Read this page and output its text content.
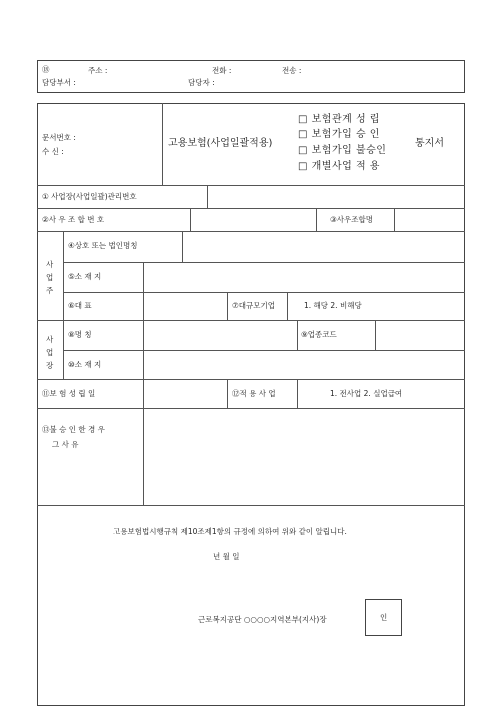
⑱	주소 :	전화 :	전송 :
담당부서 :	담당자 :
문서번호 :
수 신 :
고용보험(사업일괄적용)
□ 보험관계 성 립
□ 보험가입 승 인
□ 보험가입 불승인
□ 개별사업 적 용
통지서
① 사업장(사업일괄)관리번호
②사 우 조 합 번 호	③사우조합명
사
업
주
④상호 또는 법인명칭
⑤소 재 지
⑥대 표	⑦대규모기업	1. 해당 2. 비해당
사
업
장
⑧명 칭	⑨업종코드
⑩소 재 지
⑪보 험 성 립 일	⑫적 용 사 업	1. 전사업 2. 실업급여
⑬불 승 인 한 경 우
그 사 유
고용보험법시행규칙 제10조제1항의 규정에 의하여 위와 같이 알립니다.
년 월 일
근로복지공단 ○○○○지역본부(지사)장	인
